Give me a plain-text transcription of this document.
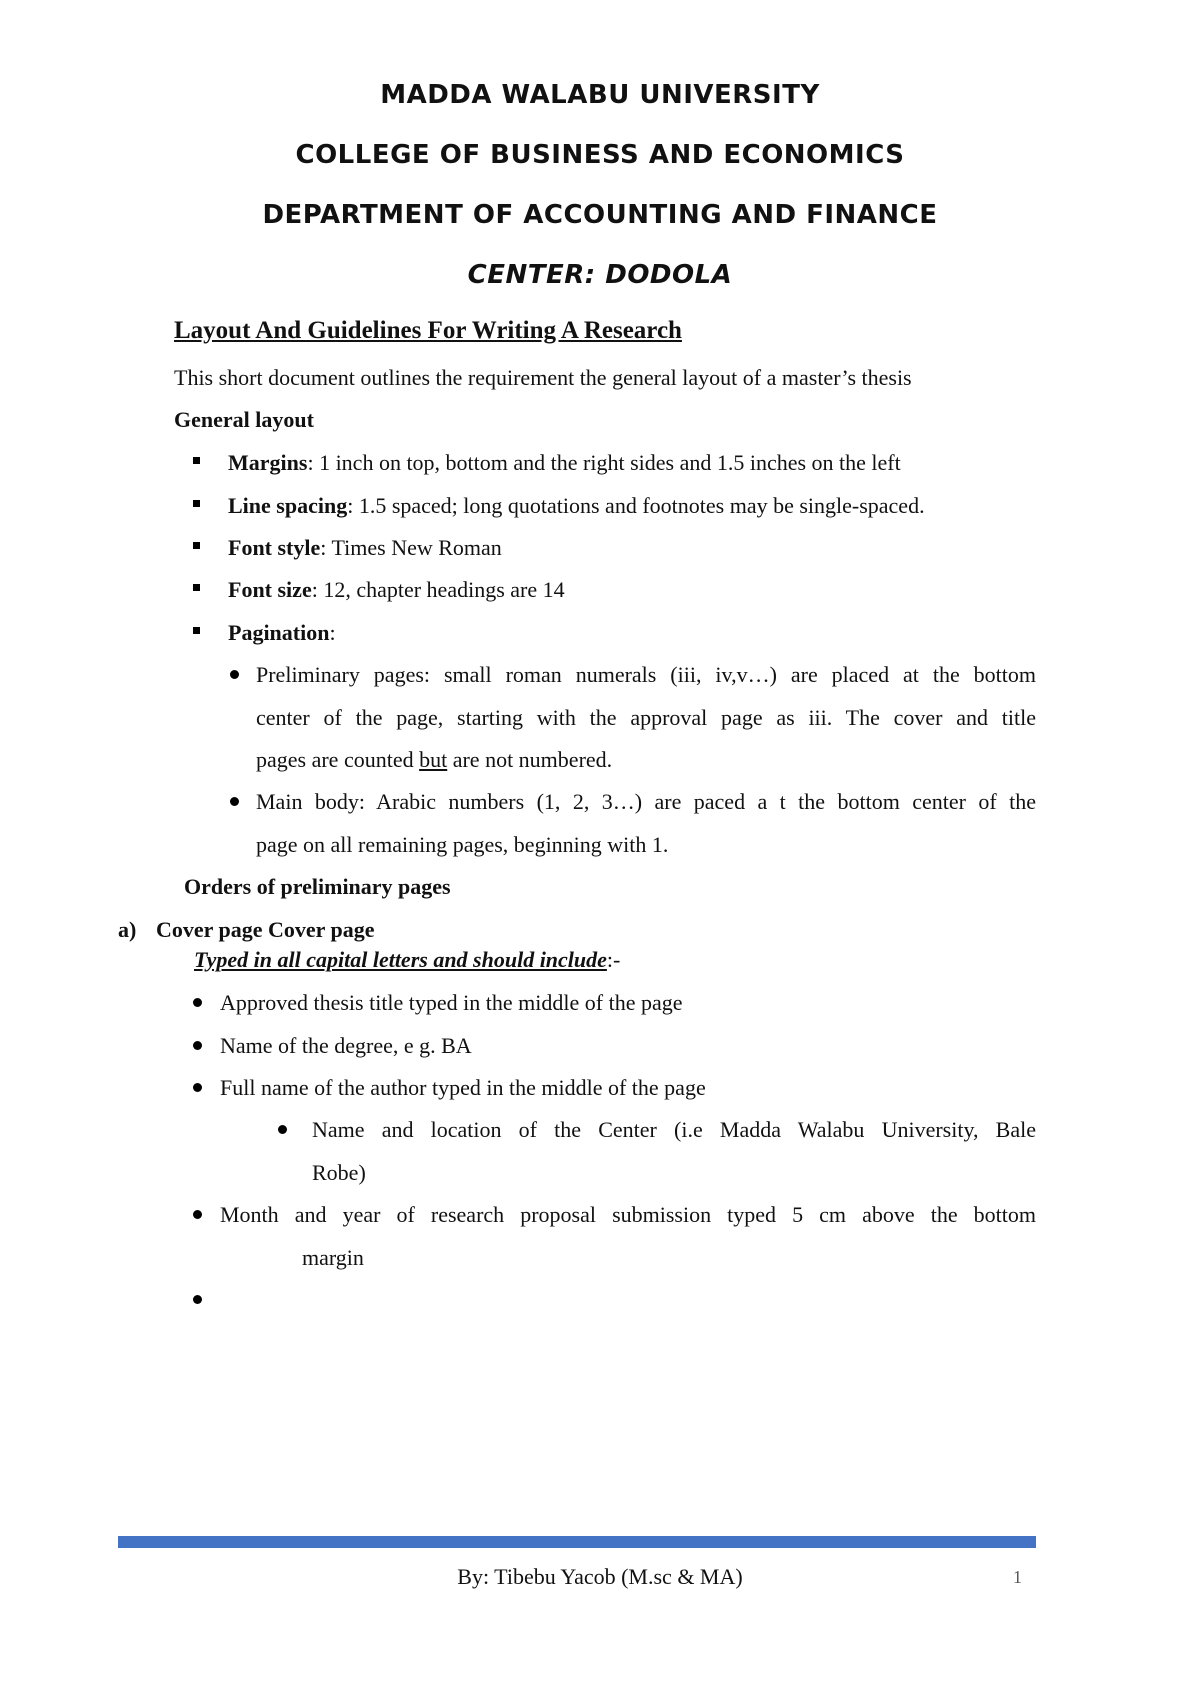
MADDA WALABU UNIVERSITY
COLLEGE OF BUSINESS AND ECONOMICS
DEPARTMENT OF ACCOUNTING AND FINANCE
CENTER: DODOLA
Layout And Guidelines For Writing A Research
This short document outlines the requirement the general layout of a master’s thesis
General layout
Margins: 1 inch on top, bottom and the right sides and 1.5 inches on the left
Line spacing: 1.5 spaced; long quotations and footnotes may be single-spaced.
Font style: Times New Roman
Font size: 12, chapter headings are 14
Pagination:
Preliminary pages: small roman numerals (iii, iv,v…) are placed at the bottom
center of the page, starting with the approval page as iii. The cover and title
pages are counted but are not numbered.
Main body: Arabic numbers (1, 2, 3…) are paced a t the bottom center of the
page on all remaining pages, beginning with 1.
Orders of preliminary pages
a) Cover page Cover page
Typed in all capital letters and should include:-
Approved thesis title typed in the middle of the page
Name of the degree, e g. BA
Full name of the author typed in the middle of the page
Name and location of the Center (i.e Madda Walabu University, Bale
Robe)
Month and year of research proposal submission typed 5 cm above the bottom
margin
By: Tibebu Yacob (M.sc & MA)	1
